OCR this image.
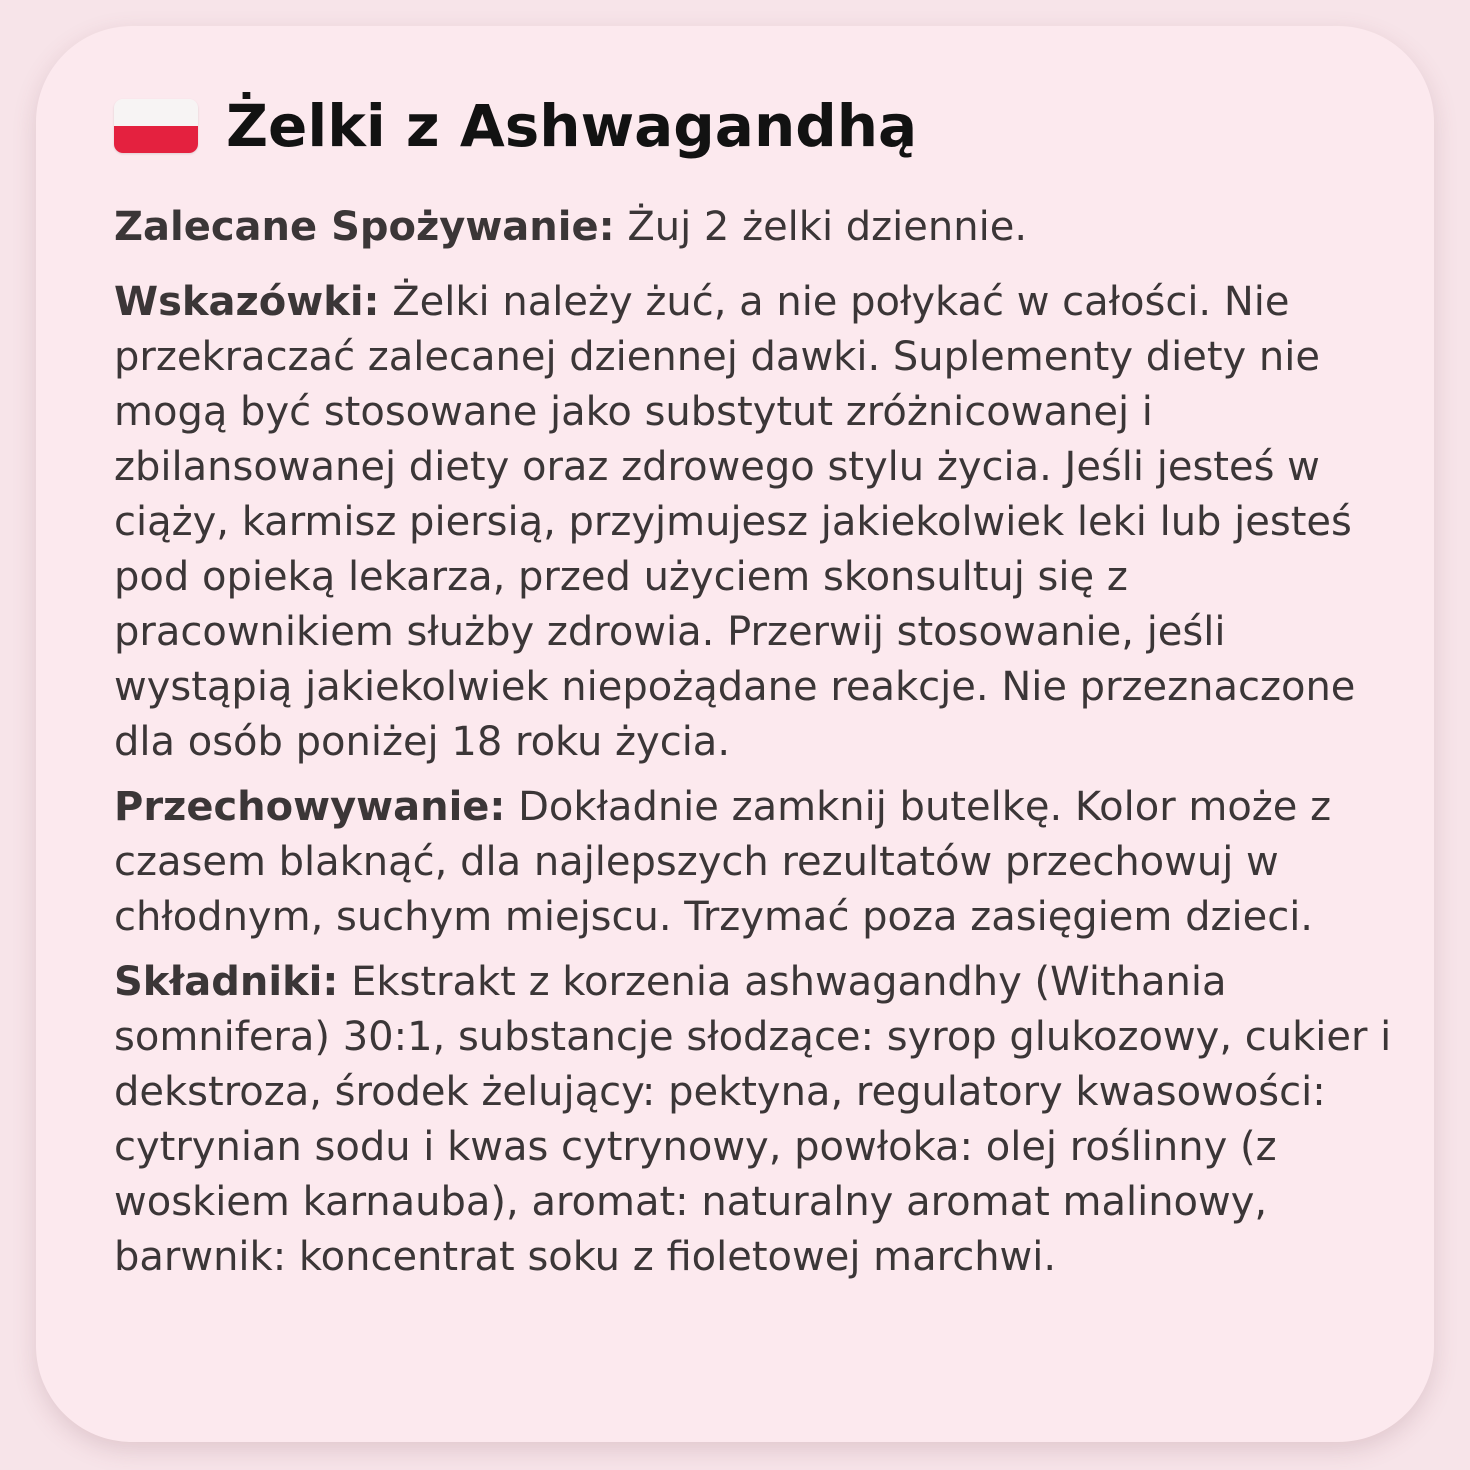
Żelki z Ashwagandhą

Zalecane Spożywanie: Żuj 2 żelki dziennie.

Wskazówki: Żelki należy żuć, a nie połykać w całości. Nie przekraczać zalecanej dziennej dawki. Suplementy diety nie mogą być stosowane jako substytut zróżnicowanej i zbilansowanej diety oraz zdrowego stylu życia. Jeśli jesteś w ciąży, karmisz piersią, przyjmujesz jakiekolwiek leki lub jesteś pod opieką lekarza, przed użyciem skonsultuj się z pracownikiem służby zdrowia. Przerwij stosowanie, jeśli wystąpią jakiekolwiek niepożądane reakcje. Nie przeznaczone dla osób poniżej 18 roku życia.

Przechowywanie: Dokładnie zamknij butelkę. Kolor może z czasem blaknąć, dla najlepszych rezultatów przechowuj w chłodnym, suchym miejscu. Trzymać poza zasięgiem dzieci.

Składniki: Ekstrakt z korzenia ashwagandhy (Withania somnifera) 30:1, substancje słodzące: syrop glukozowy, cukier i dekstroza, środek żelujący: pektyna, regulatory kwasowości: cytrynian sodu i kwas cytrynowy, powłoka: olej roślinny (z woskiem karnauba), aromat: naturalny aromat malinowy, barwnik: koncentrat soku z fioletowej marchwi.
